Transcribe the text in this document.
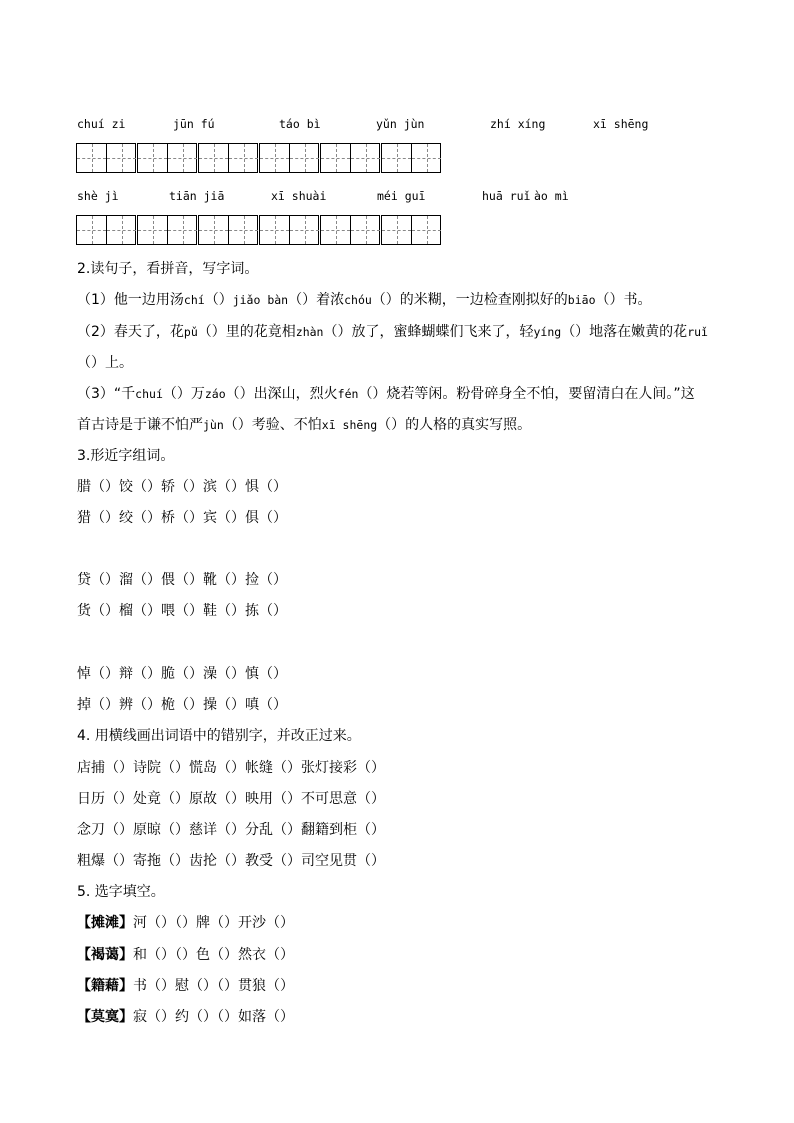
chuí zi	jūn fú	táo bì	yǔn jùn	zhí xíng	xī shēng
shè jì	tiān jiā	xī shuài	méi guī	huā ruǐ ào mì
2.读句子，看拼音，写字词。
（1）他一边用汤chí（）jiǎo bàn（）着浓chóu（）的米糊，一边检查刚拟好的biāo（）书。
（2）春天了，花pǔ（）里的花竟相zhàn（）放了，蜜蜂蝴蝶们飞来了，轻yíng（）地落在嫩黄的花ruǐ
（）上。
（3）“千chuí（）万záo（）出深山，烈火fén（）烧若等闲。粉骨碎身全不怕，要留清白在人间。”这
首古诗是于谦不怕严jùn（）考验、不怕xī shēng（）的人格的真实写照。
3.形近字组词。
腊（）饺（）轿（）滨（）惧（）
猎（）绞（）桥（）宾（）俱（）
贷（）溜（）偎（）靴（）捡（）
货（）榴（）喂（）鞋（）拣（）
悼（）辩（）脆（）澡（）慎（）
掉（）辨（）桅（）操（）嗔（）
4. 用横线画出词语中的错别字，并改正过来。
店捕（）诗院（）慌岛（）帐缝（）张灯接彩（）
日历（）处竟（）原故（）映用（）不可思意（）
念刀（）原晾（）慈详（）分乱（）翻籍到柜（）
粗爆（）寄拖（）齿抡（）教受（）司空见贯（）
5. 选字填空。
【摊滩】河（）（）牌（）开沙（）
【褐蔼】和（）（）色（）然衣（）
【籍藉】书（）慰（）（）贯狼（）
【莫寞】寂（）约（）（）如落（）
